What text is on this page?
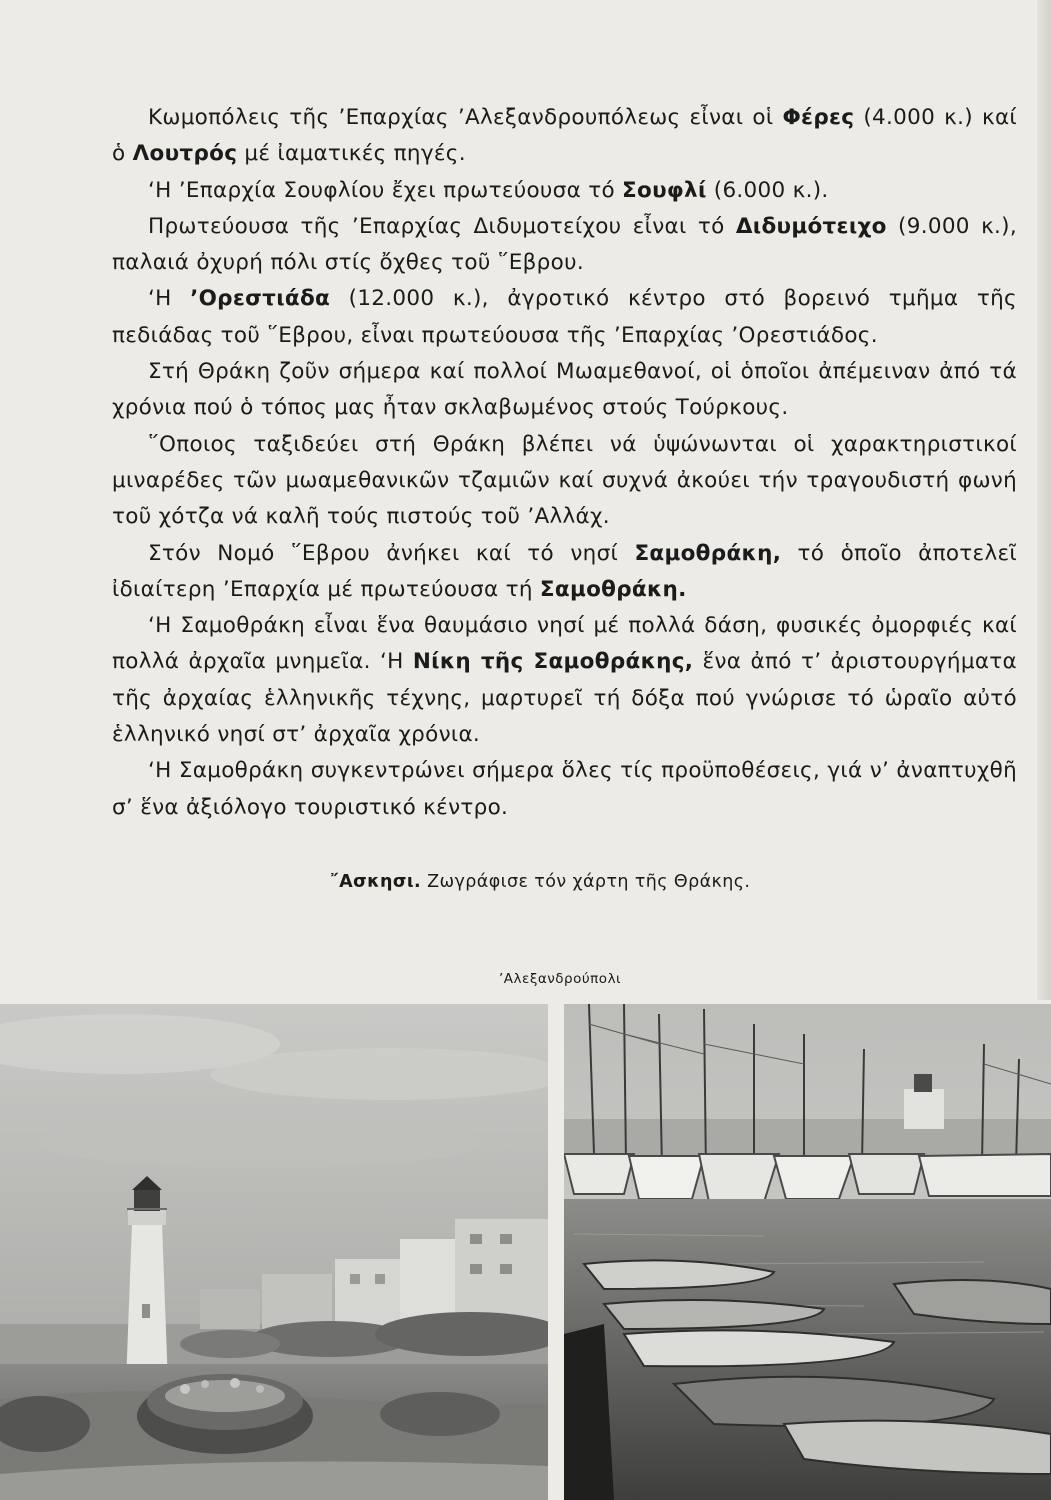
Κωμοπόλεις τῆς ’Επαρχίας ’Αλεξανδρουπόλεως εἶναι οἱ Φέρες (4.000 κ.) καί ὁ Λουτρός μέ ἰαματικές πηγές.

‘Η ’Επαρχία Σουφλίου ἔχει πρωτεύουσα τό Σουφλί (6.000 κ.).

Πρωτεύουσα τῆς ’Επαρχίας Διδυμοτείχου εἶναι τό Διδυμότειχο (9.000 κ.), παλαιά ὀχυρή πόλι στίς ὄχθες τοῦ ῞Εβρου.

‘Η ’Ορεστιάδα (12.000 κ.), ἀγροτικό κέντρο στό βορεινό τμῆμα τῆς πεδιάδας τοῦ ῞Εβρου, εἶναι πρωτεύουσα τῆς ’Επαρχίας ’Ορεστιάδος.

Στή Θράκη ζοῦν σήμερα καί πολλοί Μωαμεθανοί, οἱ ὁποῖοι ἀπέμειναν ἀπό τά χρόνια πού ὁ τόπος μας ἦταν σκλαβωμένος στούς Τούρκους.

῞Οποιος ταξιδεύει στή Θράκη βλέπει νά ὑψώνωνται οἱ χαρακτηριστικοί μιναρέδες τῶν μωαμεθανικῶν τζαμιῶν καί συχνά ἀκούει τήν τραγουδιστή φωνή τοῦ χότζα νά καλῆ τούς πιστούς τοῦ ’Αλλάχ.

Στόν Νομό ῞Εβρου ἀνήκει καί τό νησί Σαμοθράκη, τό ὁποῖο ἀποτελεῖ ἰδιαίτερη ’Επαρχία μέ πρωτεύουσα τή Σαμοθράκη.

‘Η Σαμοθράκη εἶναι ἕνα θαυμάσιο νησί μέ πολλά δάση, φυσικές ὀμορφιές καί πολλά ἀρχαῖα μνημεῖα. ‘Η Νίκη τῆς Σαμοθράκης, ἕνα ἀπό τ’ ἀριστουργήματα τῆς ἀρχαίας ἑλληνικῆς τέχνης, μαρτυρεῖ τή δόξα πού γνώρισε τό ὡραῖο αὐτό ἑλληνικό νησί στ’ ἀρχαῖα χρόνια.

‘Η Σαμοθράκη συγκεντρώνει σήμερα ὅλες τίς προϋποθέσεις, γιά ν’ ἀναπτυχθῆ σ’ ἕνα ἀξιόλογο τουριστικό κέντρο.

῎Ασκησι. Ζωγράφισε τόν χάρτη τῆς Θράκης.
’Αλεξανδρούπολι
